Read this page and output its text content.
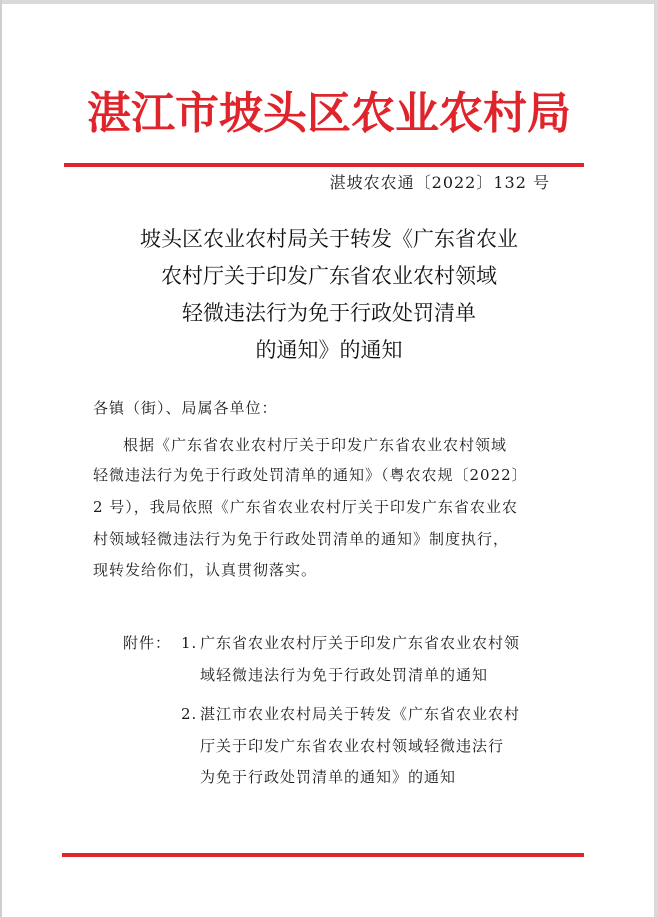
湛江市坡头区农业农村局
湛坡农农通〔2022〕132 号
坡头区农业农村局关于转发《广东省农业
农村厅关于印发广东省农业农村领域
轻微违法行为免于行政处罚清单
的通知》的通知
各镇（街）、局属各单位：
根据《广东省农业农村厅关于印发广东省农业农村领域
轻微违法行为免于行政处罚清单的通知》（粤农农规〔2022〕
2 号），我局依照《广东省农业农村厅关于印发广东省农业农
村领域轻微违法行为免于行政处罚清单的通知》制度执行，
现转发给你们，认真贯彻落实。
附件： 1. 广东省农业农村厅关于印发广东省农业农村领
域轻微违法行为免于行政处罚清单的通知
2. 湛江市农业农村局关于转发《广东省农业农村
厅关于印发广东省农业农村领域轻微违法行
为免于行政处罚清单的通知》的通知
